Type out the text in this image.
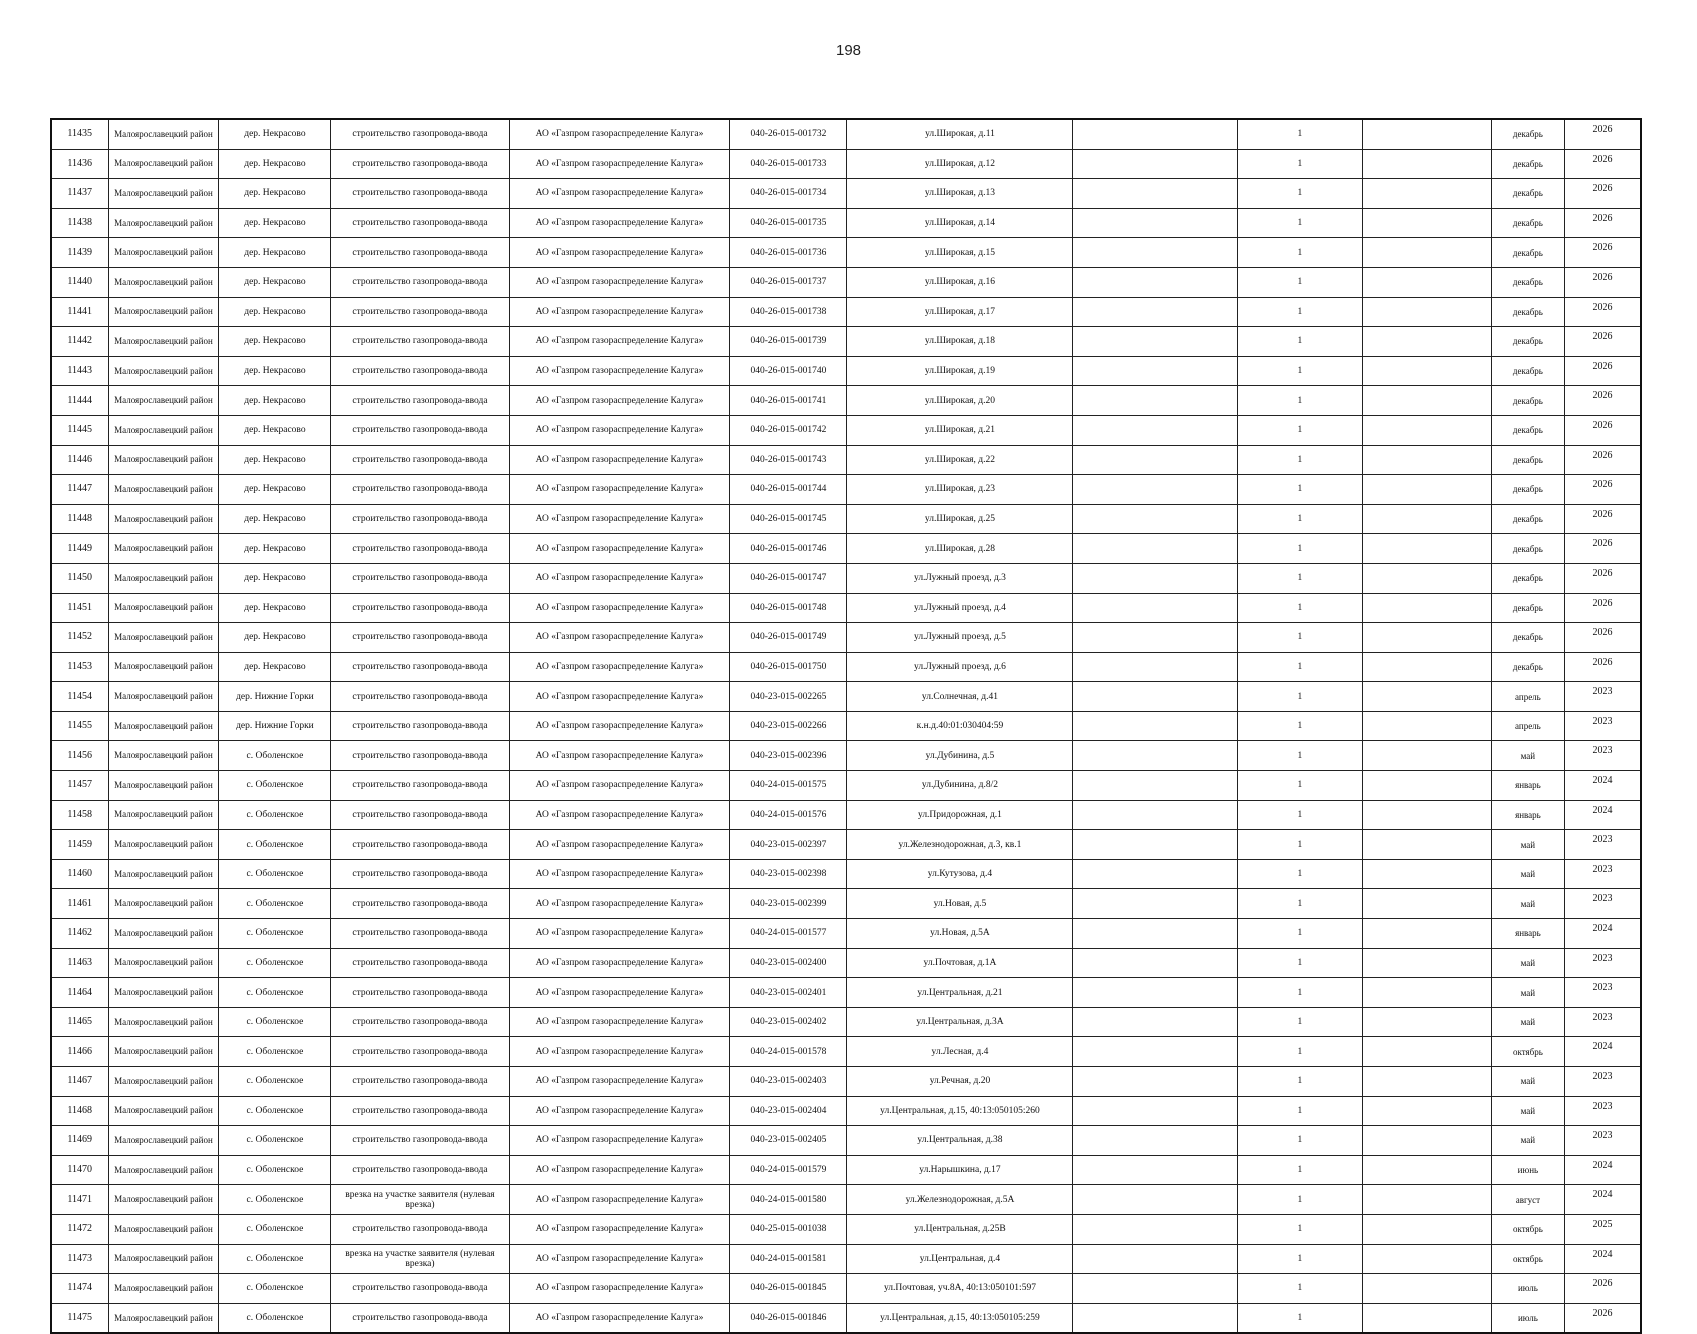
198
11435	Малоярославецкий район	дер. Некрасово	строительство газопровода-ввода	АО «Газпром газораспределение Калуга»	040-26-015-001732	ул.Широкая, д.11		1		декабрь	2026
11436	Малоярославецкий район	дер. Некрасово	строительство газопровода-ввода	АО «Газпром газораспределение Калуга»	040-26-015-001733	ул.Широкая, д.12		1		декабрь	2026
11437	Малоярославецкий район	дер. Некрасово	строительство газопровода-ввода	АО «Газпром газораспределение Калуга»	040-26-015-001734	ул.Широкая, д.13		1		декабрь	2026
11438	Малоярославецкий район	дер. Некрасово	строительство газопровода-ввода	АО «Газпром газораспределение Калуга»	040-26-015-001735	ул.Широкая, д.14		1		декабрь	2026
11439	Малоярославецкий район	дер. Некрасово	строительство газопровода-ввода	АО «Газпром газораспределение Калуга»	040-26-015-001736	ул.Широкая, д.15		1		декабрь	2026
11440	Малоярославецкий район	дер. Некрасово	строительство газопровода-ввода	АО «Газпром газораспределение Калуга»	040-26-015-001737	ул.Широкая, д.16		1		декабрь	2026
11441	Малоярославецкий район	дер. Некрасово	строительство газопровода-ввода	АО «Газпром газораспределение Калуга»	040-26-015-001738	ул.Широкая, д.17		1		декабрь	2026
11442	Малоярославецкий район	дер. Некрасово	строительство газопровода-ввода	АО «Газпром газораспределение Калуга»	040-26-015-001739	ул.Широкая, д.18		1		декабрь	2026
11443	Малоярославецкий район	дер. Некрасово	строительство газопровода-ввода	АО «Газпром газораспределение Калуга»	040-26-015-001740	ул.Широкая, д.19		1		декабрь	2026
11444	Малоярославецкий район	дер. Некрасово	строительство газопровода-ввода	АО «Газпром газораспределение Калуга»	040-26-015-001741	ул.Широкая, д.20		1		декабрь	2026
11445	Малоярославецкий район	дер. Некрасово	строительство газопровода-ввода	АО «Газпром газораспределение Калуга»	040-26-015-001742	ул.Широкая, д.21		1		декабрь	2026
11446	Малоярославецкий район	дер. Некрасово	строительство газопровода-ввода	АО «Газпром газораспределение Калуга»	040-26-015-001743	ул.Широкая, д.22		1		декабрь	2026
11447	Малоярославецкий район	дер. Некрасово	строительство газопровода-ввода	АО «Газпром газораспределение Калуга»	040-26-015-001744	ул.Широкая, д.23		1		декабрь	2026
11448	Малоярославецкий район	дер. Некрасово	строительство газопровода-ввода	АО «Газпром газораспределение Калуга»	040-26-015-001745	ул.Широкая, д.25		1		декабрь	2026
11449	Малоярославецкий район	дер. Некрасово	строительство газопровода-ввода	АО «Газпром газораспределение Калуга»	040-26-015-001746	ул.Широкая, д.28		1		декабрь	2026
11450	Малоярославецкий район	дер. Некрасово	строительство газопровода-ввода	АО «Газпром газораспределение Калуга»	040-26-015-001747	ул.Лужный проезд, д.3		1		декабрь	2026
11451	Малоярославецкий район	дер. Некрасово	строительство газопровода-ввода	АО «Газпром газораспределение Калуга»	040-26-015-001748	ул.Лужный проезд, д.4		1		декабрь	2026
11452	Малоярославецкий район	дер. Некрасово	строительство газопровода-ввода	АО «Газпром газораспределение Калуга»	040-26-015-001749	ул.Лужный проезд, д.5		1		декабрь	2026
11453	Малоярославецкий район	дер. Некрасово	строительство газопровода-ввода	АО «Газпром газораспределение Калуга»	040-26-015-001750	ул.Лужный проезд, д.6		1		декабрь	2026
11454	Малоярославецкий район	дер. Нижние Горки	строительство газопровода-ввода	АО «Газпром газораспределение Калуга»	040-23-015-002265	ул.Солнечная, д.41		1		апрель	2023
11455	Малоярославецкий район	дер. Нижние Горки	строительство газопровода-ввода	АО «Газпром газораспределение Калуга»	040-23-015-002266	к.н.д.40:01:030404:59		1		апрель	2023
11456	Малоярославецкий район	с. Оболенское	строительство газопровода-ввода	АО «Газпром газораспределение Калуга»	040-23-015-002396	ул.Дубинина, д.5		1		май	2023
11457	Малоярославецкий район	с. Оболенское	строительство газопровода-ввода	АО «Газпром газораспределение Калуга»	040-24-015-001575	ул.Дубинина, д.8/2		1		январь	2024
11458	Малоярославецкий район	с. Оболенское	строительство газопровода-ввода	АО «Газпром газораспределение Калуга»	040-24-015-001576	ул.Придорожная, д.1		1		январь	2024
11459	Малоярославецкий район	с. Оболенское	строительство газопровода-ввода	АО «Газпром газораспределение Калуга»	040-23-015-002397	ул.Железнодорожная, д.3, кв.1		1		май	2023
11460	Малоярославецкий район	с. Оболенское	строительство газопровода-ввода	АО «Газпром газораспределение Калуга»	040-23-015-002398	ул.Кутузова, д.4		1		май	2023
11461	Малоярославецкий район	с. Оболенское	строительство газопровода-ввода	АО «Газпром газораспределение Калуга»	040-23-015-002399	ул.Новая, д.5		1		май	2023
11462	Малоярославецкий район	с. Оболенское	строительство газопровода-ввода	АО «Газпром газораспределение Калуга»	040-24-015-001577	ул.Новая, д.5А		1		январь	2024
11463	Малоярославецкий район	с. Оболенское	строительство газопровода-ввода	АО «Газпром газораспределение Калуга»	040-23-015-002400	ул.Почтовая, д.1А		1		май	2023
11464	Малоярославецкий район	с. Оболенское	строительство газопровода-ввода	АО «Газпром газораспределение Калуга»	040-23-015-002401	ул.Центральная, д.21		1		май	2023
11465	Малоярославецкий район	с. Оболенское	строительство газопровода-ввода	АО «Газпром газораспределение Калуга»	040-23-015-002402	ул.Центральная, д.3А		1		май	2023
11466	Малоярославецкий район	с. Оболенское	строительство газопровода-ввода	АО «Газпром газораспределение Калуга»	040-24-015-001578	ул.Лесная, д.4		1		октябрь	2024
11467	Малоярославецкий район	с. Оболенское	строительство газопровода-ввода	АО «Газпром газораспределение Калуга»	040-23-015-002403	ул.Речная, д.20		1		май	2023
11468	Малоярославецкий район	с. Оболенское	строительство газопровода-ввода	АО «Газпром газораспределение Калуга»	040-23-015-002404	ул.Центральная, д.15, 40:13:050105:260		1		май	2023
11469	Малоярославецкий район	с. Оболенское	строительство газопровода-ввода	АО «Газпром газораспределение Калуга»	040-23-015-002405	ул.Центральная, д.38		1		май	2023
11470	Малоярославецкий район	с. Оболенское	строительство газопровода-ввода	АО «Газпром газораспределение Калуга»	040-24-015-001579	ул.Нарышкина, д.17		1		июнь	2024
11471	Малоярославецкий район	с. Оболенское	врезка на участке заявителя (нулевая врезка)	АО «Газпром газораспределение Калуга»	040-24-015-001580	ул.Железнодорожная, д.5А		1		август	2024
11472	Малоярославецкий район	с. Оболенское	строительство газопровода-ввода	АО «Газпром газораспределение Калуга»	040-25-015-001038	ул.Центральная, д.25В		1		октябрь	2025
11473	Малоярославецкий район	с. Оболенское	врезка на участке заявителя (нулевая врезка)	АО «Газпром газораспределение Калуга»	040-24-015-001581	ул.Центральная, д.4		1		октябрь	2024
11474	Малоярославецкий район	с. Оболенское	строительство газопровода-ввода	АО «Газпром газораспределение Калуга»	040-26-015-001845	ул.Почтовая, уч.8А, 40:13:050101:597		1		июль	2026
11475	Малоярославецкий район	с. Оболенское	строительство газопровода-ввода	АО «Газпром газораспределение Калуга»	040-26-015-001846	ул.Центральная, д.15, 40:13:050105:259		1		июль	2026
